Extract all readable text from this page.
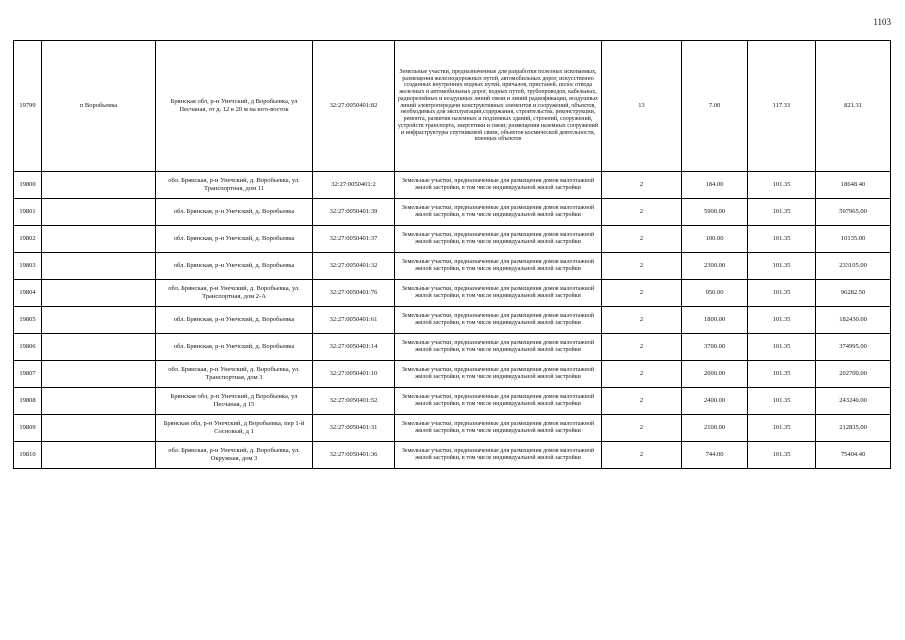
1103
19799	п Воробьевка	Брянская обл, р-н Унечский, д Воробьевка, ул Песчаная, от д. 12 в 20 м на юго-восток	32:27:0050401:82	Земельные участки, предназначенные для разработки полезных ископаемых, размещения железнодорожных путей, автомобильных дорог, искусственно созданных внутренних водных путей, причалов, пристаней, полос отвода железных и автомобильных дорог, водных путей, трубопроводов, кабельных, радиорелейных и воздушных линий связи и линий радиофикации, воздушных линий электропередачи конструктивных элементов и сооружений, объектов, необходимых для эксплуатации,содержания, строительства, реконструкции, ремонта, развития наземных и подземных зданий, строений, сооружений, устройств транспорта, энергетики и связи; размещения наземных сооружений и инфраструктуры спутниковой связи, объектов космической деятельности, военных объектов	13	7.00	117.33	821.31
19800		обл. Брянская, р-н Унечский, д. Воробьевка, ул. Транспортная, дом 11	32:27:0050401:2	Земельные участки, предназначенные для размещения домов малоэтажной жилой застройки, в том числе индивидуальной жилой застройки	2	184.00	101.35	18648.40
19801		обл. Брянская, р-н Унечский, д. Воробьевка	32:27:0050401:39	Земельные участки, предназначенные для размещения домов малоэтажной жилой застройки, в том числе индивидуальной жилой застройки	2	5900.00	101.35	597965.00
19802		обл. Брянская, р-н Унечский, д. Воробьевка	32:27:0050401:37	Земельные участки, предназначенные для размещения домов малоэтажной жилой застройки, в том числе индивидуальной жилой застройки	2	100.00	101.35	10135.00
19803		обл. Брянская, р-н Унечский, д. Воробьевка	32:27:0050401:32	Земельные участки, предназначенные для размещения домов малоэтажной жилой застройки, в том числе индивидуальной жилой застройки	2	2300.00	101.35	233105.00
19804		обл. Брянская, р-н Унечский, д. Воробьевка, ул. Транспортная, дом 2-А	32:27:0050401:76	Земельные участки, предназначенные для размещения домов малоэтажной жилой застройки, в том числе индивидуальной жилой застройки	2	950.00	101.35	96282.50
19805		обл. Брянская, р-н Унечский, д. Воробьевка	32:27:0050401:61	Земельные участки, предназначенные для размещения домов малоэтажной жилой застройки, в том числе индивидуальной жилой застройки	2	1800.00	101.35	182430.00
19806		обл. Брянская, р-н Унечский, д. Воробьевка	32:27:0050401:14	Земельные участки, предназначенные для размещения домов малоэтажной жилой застройки, в том числе индивидуальной жилой застройки	2	3700.00	101.35	374995.00
19807		обл. Брянская, р-н Унечский, д. Воробьевка, ул. Транспортная, дом 3	32:27:0050401:10	Земельные участки, предназначенные для размещения домов малоэтажной жилой застройки, в том числе индивидуальной жилой застройки	2	2000.00	101.35	202700.00
19808		Брянская обл, р-н Унечский, д Воробьевка, ул Песчаная, д 15	32:27:0050401:52	Земельные участки, предназначенные для размещения домов малоэтажной жилой застройки, в том числе индивидуальной жилой застройки	2	2400.00	101.35	243240.00
19809		Брянская обл, р-н Унечский, д Воробьевка, пер 1-й Сосновый, д 1	32:27:0050401:31	Земельные участки, предназначенные для размещения домов малоэтажной жилой застройки, в том числе индивидуальной жилой застройки	2	2100.00	101.35	212835.00
19810		обл. Брянская, р-н Унечский, д. Воробьевка, ул. Окружная, дом 3	32:27:0050401:36	Земельные участки, предназначенные для размещения домов малоэтажной жилой застройки, в том числе индивидуальной жилой застройки	2	744.00	101.35	75404.40
